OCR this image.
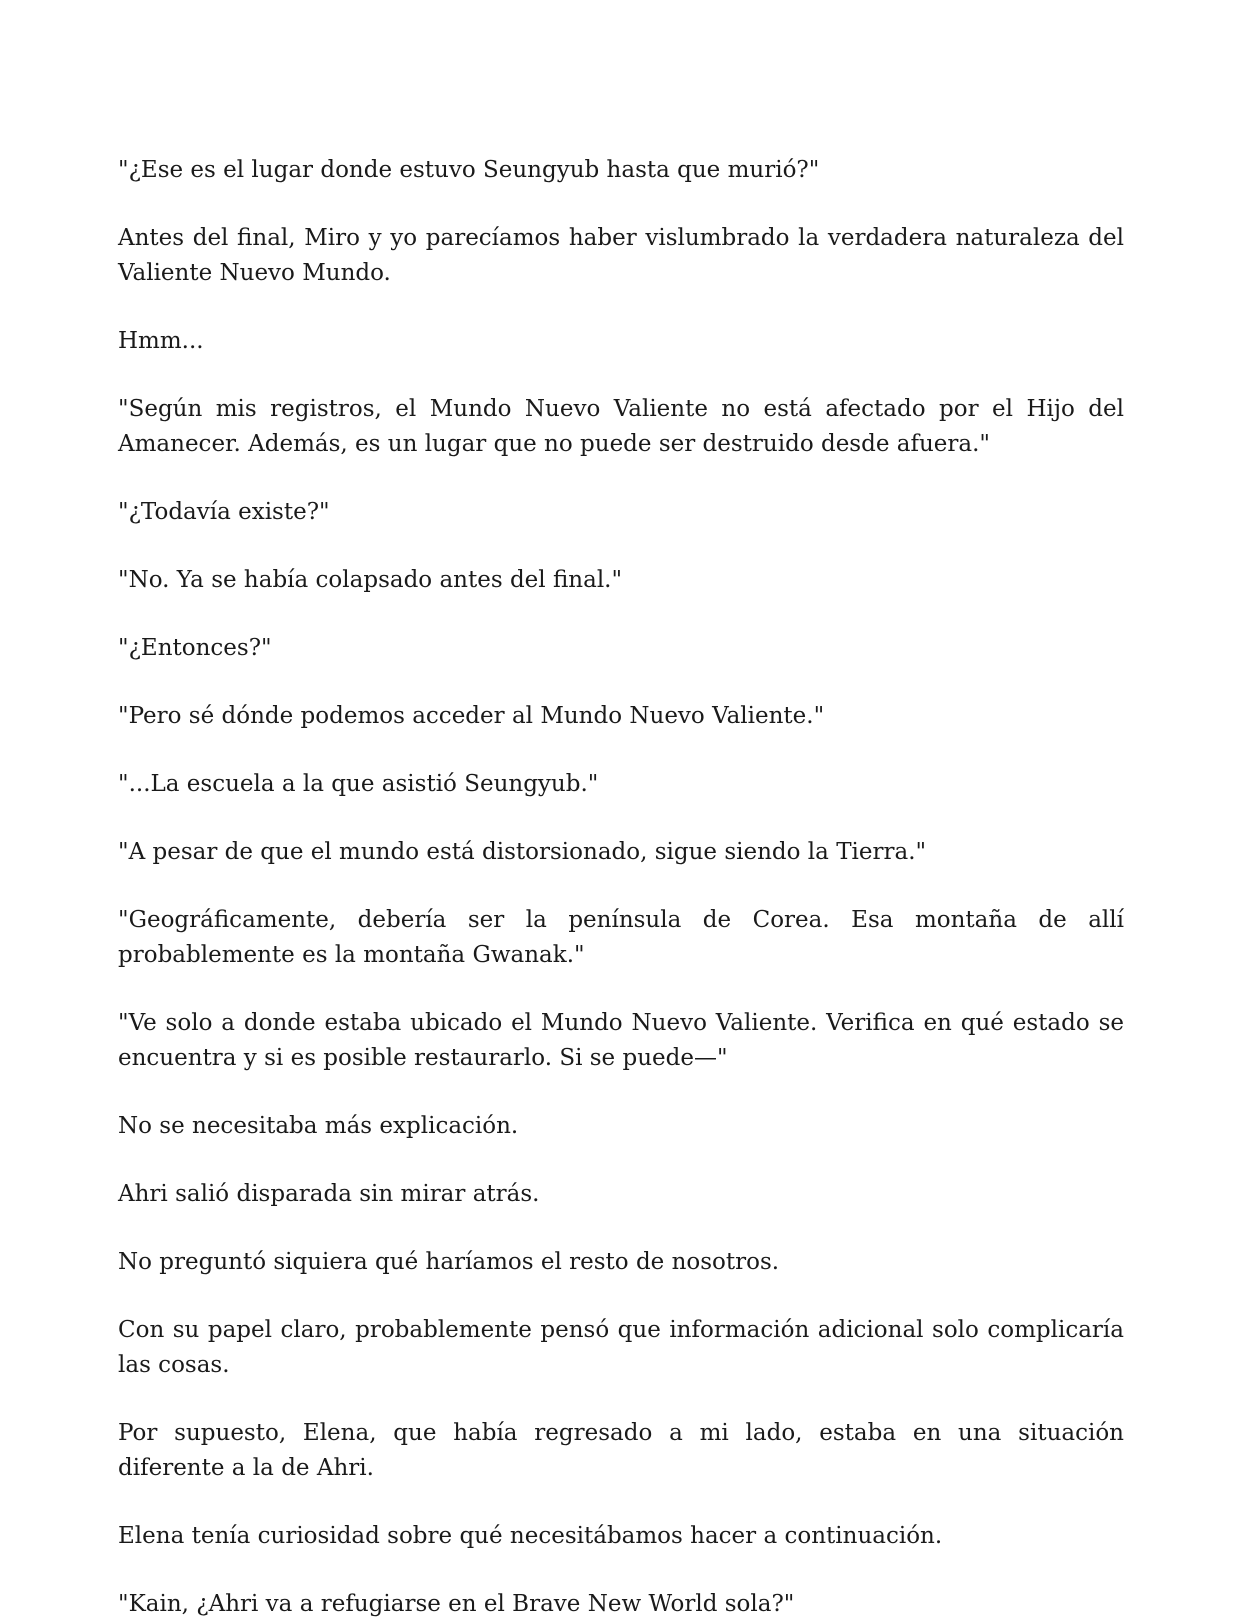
"¿Ese es el lugar donde estuvo Seungyub hasta que murió?"

Antes del final, Miro y yo parecíamos haber vislumbrado la verdadera naturaleza del Valiente Nuevo Mundo.

Hmm...

"Según mis registros, el Mundo Nuevo Valiente no está afectado por el Hijo del Amanecer. Además, es un lugar que no puede ser destruido desde afuera."

"¿Todavía existe?"

"No. Ya se había colapsado antes del final."

"¿Entonces?"

"Pero sé dónde podemos acceder al Mundo Nuevo Valiente."

"...La escuela a la que asistió Seungyub."

"A pesar de que el mundo está distorsionado, sigue siendo la Tierra."

"Geográficamente, debería ser la península de Corea. Esa montaña de allí probablemente es la montaña Gwanak."

"Ve solo a donde estaba ubicado el Mundo Nuevo Valiente. Verifica en qué estado se encuentra y si es posible restaurarlo. Si se puede—"

No se necesitaba más explicación.

Ahri salió disparada sin mirar atrás.

No preguntó siquiera qué haríamos el resto de nosotros.

Con su papel claro, probablemente pensó que información adicional solo complicaría las cosas.

Por supuesto, Elena, que había regresado a mi lado, estaba en una situación diferente a la de Ahri.

Elena tenía curiosidad sobre qué necesitábamos hacer a continuación.

"Kain, ¿Ahri va a refugiarse en el Brave New World sola?"
